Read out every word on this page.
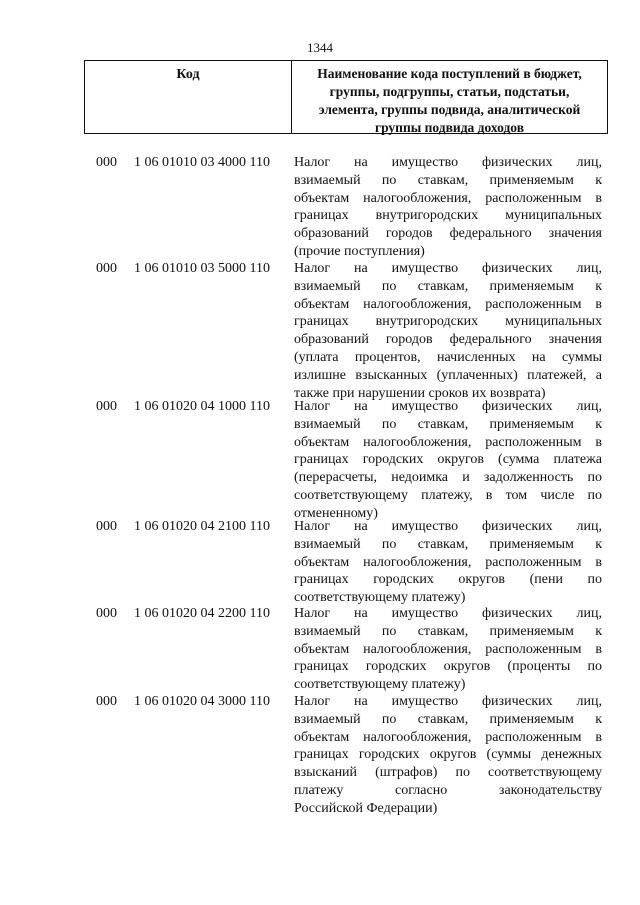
1344
Код	Наименование кода поступлений в бюджет,
группы, подгруппы, статьи, подстатьи,
элемента, группы подвида, аналитической
группы подвида доходов
000 1 06 01010 03 4000 110 Налог на имущество физических лиц,
взимаемый по ставкам, применяемым к
объектам налогообложения, расположенным в
границах внутригородских муниципальных
образований городов федерального значения
(прочие поступления)
000 1 06 01010 03 5000 110 Налог на имущество физических лиц,
взимаемый по ставкам, применяемым к
объектам налогообложения, расположенным в
границах внутригородских муниципальных
образований городов федерального значения
(уплата процентов, начисленных на суммы
излишне взысканных (уплаченных) платежей, а
также при нарушении сроков их возврата)
000 1 06 01020 04 1000 110 Налог на имущество физических лиц,
взимаемый по ставкам, применяемым к
объектам налогообложения, расположенным в
границах городских округов (сумма платежа
(перерасчеты, недоимка и задолженность по
соответствующему платежу, в том числе по
отмененному)
000 1 06 01020 04 2100 110 Налог на имущество физических лиц,
взимаемый по ставкам, применяемым к
объектам налогообложения, расположенным в
границах городских округов (пени по
соответствующему платежу)
000 1 06 01020 04 2200 110 Налог на имущество физических лиц,
взимаемый по ставкам, применяемым к
объектам налогообложения, расположенным в
границах городских округов (проценты по
соответствующему платежу)
000 1 06 01020 04 3000 110 Налог на имущество физических лиц,
взимаемый по ставкам, применяемым к
объектам налогообложения, расположенным в
границах городских округов (суммы денежных
взысканий (штрафов) по соответствующему
платежу согласно законодательству
Российской Федерации)
